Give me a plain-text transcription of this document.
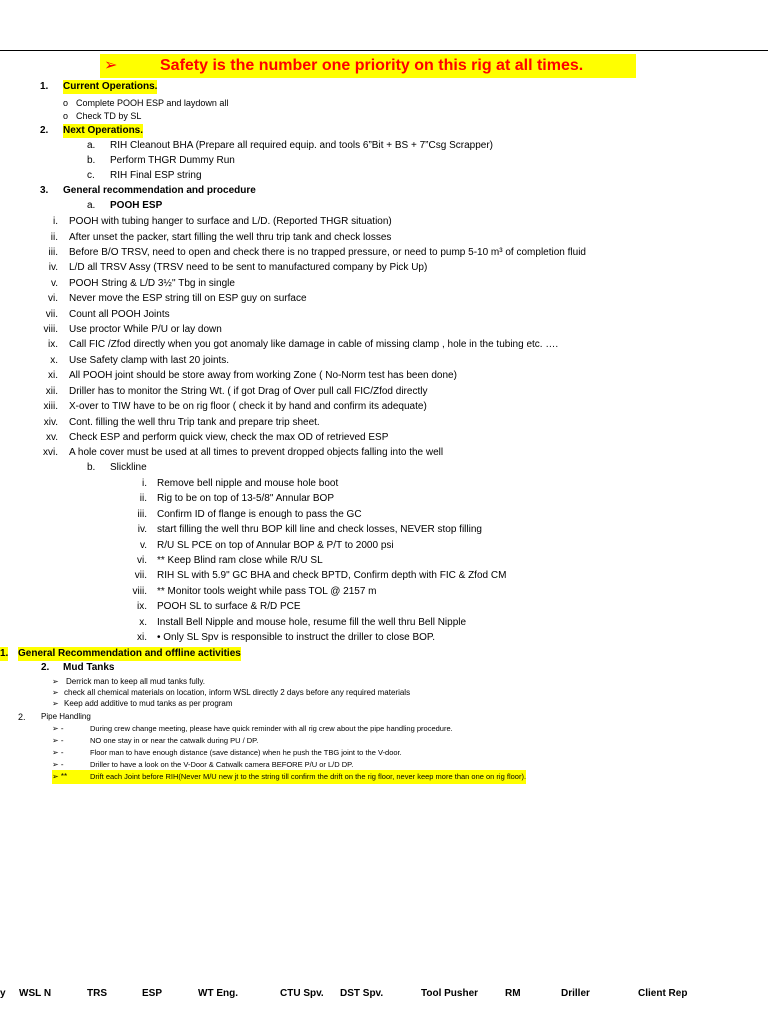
➢	Safety is the number one priority on this rig at all times.
1. Current Operations.
o Complete POOH ESP and laydown all
o Check TD by SL
2. Next Operations.
a. RIH Cleanout BHA (Prepare all required equip. and tools 6”Bit + BS + 7”Csg Scrapper)
b. Perform THGR Dummy Run
c. RIH Final ESP string
3. General recommendation and procedure
a. POOH ESP
i. POOH with tubing hanger to surface and L/D. (Reported THGR situation)
ii. After unset the packer, start filling the well thru trip tank and check losses
iii. Before B/O TRSV, need to open and check there is no trapped pressure, or need to pump 5-10 m³ of completion fluid
iv. L/D all TRSV Assy (TRSV need to be sent to manufactured company by Pick Up)
v. POOH String & L/D 3½'' Tbg in single
vi. Never move the ESP string till on ESP guy on surface
vii. Count all POOH Joints
viii. Use proctor While P/U or lay down
ix. Call FIC /Zfod directly when you got anomaly like damage in cable of missing clamp , hole in the tubing etc. ….
x. Use Safety clamp with last 20 joints.
xi. All POOH joint should be store away from working Zone ( No-Norm test has been done)
xii. Driller has to monitor the String Wt. ( if got Drag of Over pull call FIC/Zfod directly
xiii. X-over to TIW have to be on rig floor ( check it by hand and confirm its adequate)
xiv. Cont. filling the well thru Trip tank and prepare trip sheet.
xv. Check ESP and perform quick view, check the max OD of retrieved ESP
xvi. A hole cover must be used at all times to prevent dropped objects falling into the well
b. Slickline
i. Remove bell nipple and mouse hole boot
ii. Rig to be on top of 13-5/8" Annular BOP
iii. Confirm ID of flange is enough to pass the GC
iv. start filling the well thru BOP kill line and check losses, NEVER stop filling
v. R/U SL PCE on top of Annular BOP & P/T to 2000 psi
vi. ** Keep Blind ram close while R/U SL
vii. RIH SL with 5.9" GC BHA and check BPTD, Confirm depth with FIC & Zfod CM
viii. ** Monitor tools weight while pass TOL @ 2157 m
ix. POOH SL to surface & R/D PCE
x. Install Bell Nipple and mouse hole, resume fill the well thru Bell Nipple
xi. • Only SL Spv is responsible to instruct the driller to close BOP.
1. General Recommendation and offline activities
2. Mud Tanks
➢ Derrick man to keep all mud tanks fully.
➢ check all chemical materials on location, inform WSL directly 2 days before any required materials
➢ Keep add additive to mud tanks as per program
2. Pipe Handling
➢ -	During crew change meeting, please have quick reminder with all rig crew about the pipe handling procedure.
➢ -	NO one stay in or near the catwalk during PU / DP.
➢ -	Floor man to have enough distance (save distance) when he push the TBG joint to the V-door.
➢ -	Driller to have a look on the V-Door & Catwalk camera BEFORE P/U or L/D DP.
➢ **	Drift each Joint before RIH(Never M/U new jt to the string till confirm the drift on the rig floor, never keep more than one on rig floor).
y WSL N	TRS	ESP	WT Eng.	CTU Spv. DST Spv.	Tool Pusher	RM	Driller	Client Rep
